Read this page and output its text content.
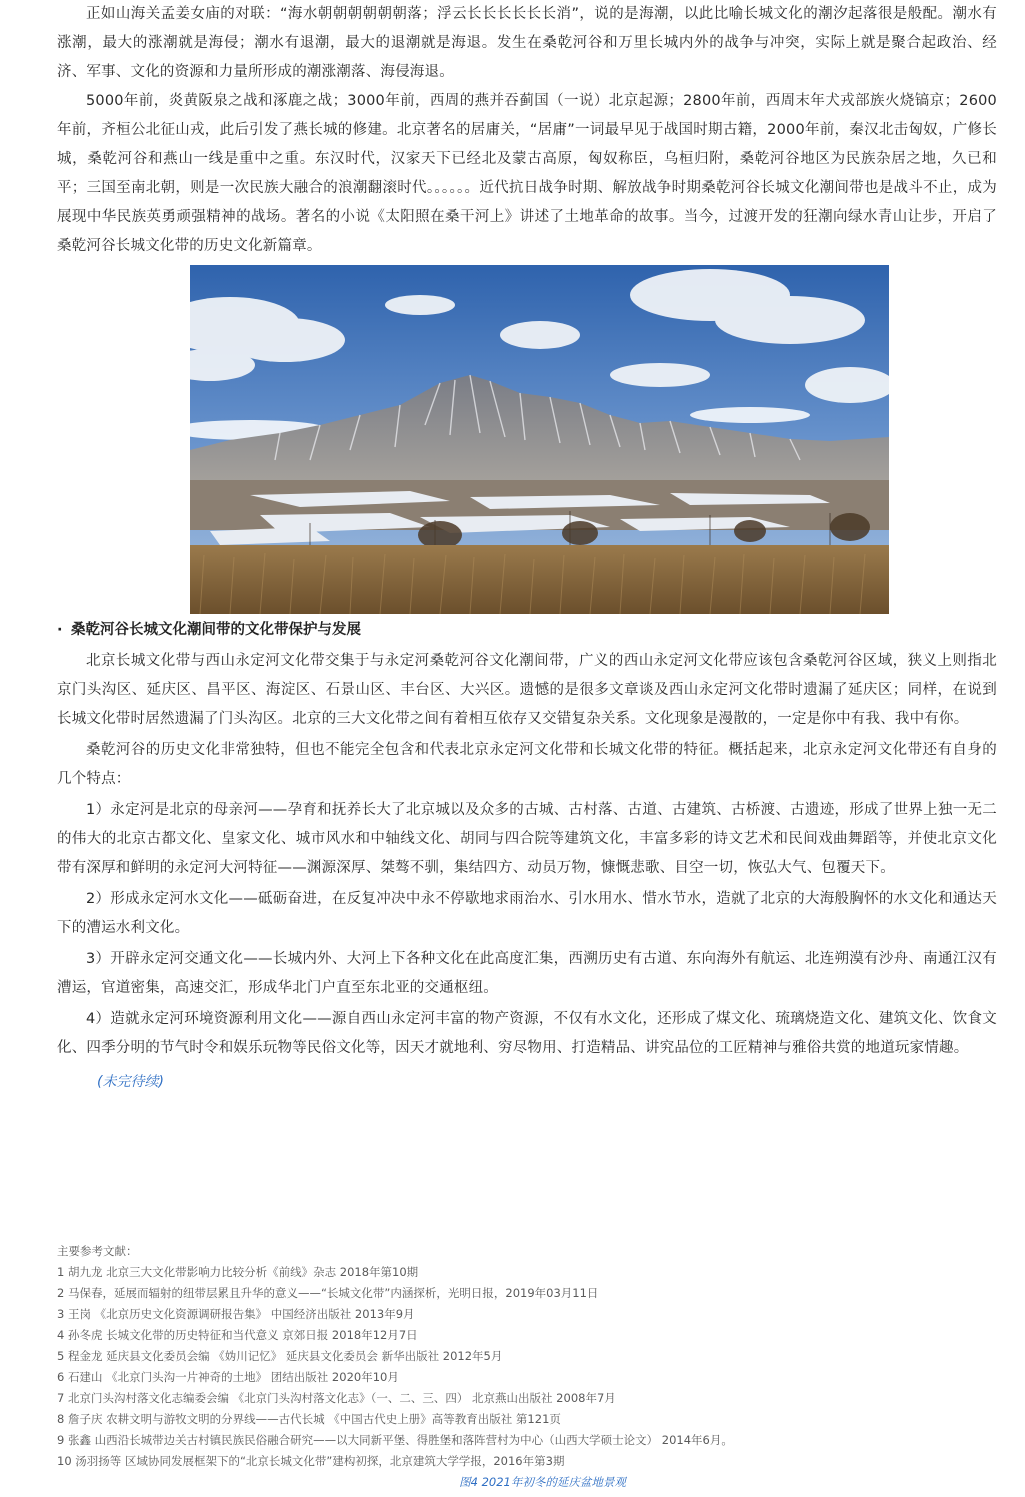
正如山海关孟姜女庙的对联：“海水朝朝朝朝朝朝落；浮云长长长长长长消”，说的是海潮，以此比喻长城文化的潮汐起落很是般配。潮水有涨潮，最大的涨潮就是海侵；潮水有退潮，最大的退潮就是海退。发生在桑乾河谷和万里长城内外的战争与冲突，实际上就是聚合起政治、经济、军事、文化的资源和力量所形成的潮涨潮落、海侵海退。

5000年前，炎黄阪泉之战和涿鹿之战；3000年前，西周的燕并吞蓟国（一说）北京起源；2800年前，西周末年犬戎部族火烧镐京；2600年前，齐桓公北征山戎，此后引发了燕长城的修建。北京著名的居庸关，“居庸”一词最早见于战国时期古籍，2000年前，秦汉北击匈奴，广修长城，桑乾河谷和燕山一线是重中之重。东汉时代，汉家天下已经北及蒙古高原，匈奴称臣，乌桓归附，桑乾河谷地区为民族杂居之地，久已和平；三国至南北朝，则是一次民族大融合的浪潮翻滚时代。。。。。。近代抗日战争时期、解放战争时期桑乾河谷长城文化潮间带也是战斗不止，成为展现中华民族英勇顽强精神的战场。著名的小说《太阳照在桑干河上》讲述了土地革命的故事。当今，过渡开发的狂潮向绿水青山让步，开启了桑乾河谷长城文化带的历史文化新篇章。

· 桑乾河谷长城文化潮间带的文化带保护与发展

北京长城文化带与西山永定河文化带交集于与永定河桑乾河谷文化潮间带，广义的西山永定河文化带应该包含桑乾河谷区域，狭义上则指北京门头沟区、延庆区、昌平区、海淀区、石景山区、丰台区、大兴区。遗憾的是很多文章谈及西山永定河文化带时遗漏了延庆区；同样，在说到长城文化带时居然遗漏了门头沟区。北京的三大文化带之间有着相互依存又交错复杂关系。文化现象是漫散的，一定是你中有我、我中有你。

桑乾河谷的历史文化非常独特，但也不能完全包含和代表北京永定河文化带和长城文化带的特征。概括起来，北京永定河文化带还有自身的几个特点：

1）永定河是北京的母亲河——孕育和抚养长大了北京城以及众多的古城、古村落、古道、古建筑、古桥渡、古遗迹，形成了世界上独一无二的伟大的北京古都文化、皇家文化、城市风水和中轴线文化、胡同与四合院等建筑文化，丰富多彩的诗文艺术和民间戏曲舞蹈等，并使北京文化带有深厚和鲜明的永定河大河特征——渊源深厚、桀骜不驯，集结四方、动员万物，慷慨悲歌、目空一切，恢弘大气、包覆天下。

2）形成永定河水文化——砥砺奋进，在反复冲决中永不停歇地求雨治水、引水用水、惜水节水，造就了北京的大海般胸怀的水文化和通达天下的漕运水利文化。

3）开辟永定河交通文化——长城内外、大河上下各种文化在此高度汇集，西溯历史有古道、东向海外有航运、北连朔漠有沙舟、南通江汉有漕运，官道密集，高速交汇，形成华北门户直至东北亚的交通枢纽。

4）造就永定河环境资源利用文化——源自西山永定河丰富的物产资源，不仅有水文化，还形成了煤文化、琉璃烧造文化、建筑文化、饮食文化、四季分明的节气时令和娱乐玩物等民俗文化等，因天才就地利、穷尽物用、打造精品、讲究品位的工匠精神与雅俗共赏的地道玩家情趣。

(未完待续)

主要参考文献：

1 胡九龙 北京三大文化带影响力比较分析《前线》杂志 2018年第10期

2 马保春，延展而辐射的纽带层累且升华的意义——“长城文化带”内涵探析，光明日报，2019年03月11日

3 王岗 《北京历史文化资源调研报告集》 中国经济出版社 2013年9月

4 孙冬虎 长城文化带的历史特征和当代意义 京郊日报 2018年12月7日

5 程金龙 延庆县文化委员会编 《妫川记忆》 延庆县文化委员会 新华出版社 2012年5月

6 石建山 《北京门头沟一片神奇的土地》 团结出版社 2020年10月

7 北京门头沟村落文化志编委会编 《北京门头沟村落文化志》（一、二、三、四） 北京燕山出版社 2008年7月

8 詹子庆 农耕文明与游牧文明的分界线——古代长城 《中国古代史上册》高等教育出版社 第121页

9 张鑫 山西沿长城带边关古村镇民族民俗融合研究——以大同新平堡、得胜堡和落阵营村为中心（山西大学硕士论文） 2014年6月。

10 汤羽扬等 区域协同发展框架下的“北京长城文化带”建构初探，北京建筑大学学报，2016年第3期

图4 2021年初冬的延庆盆地景观
